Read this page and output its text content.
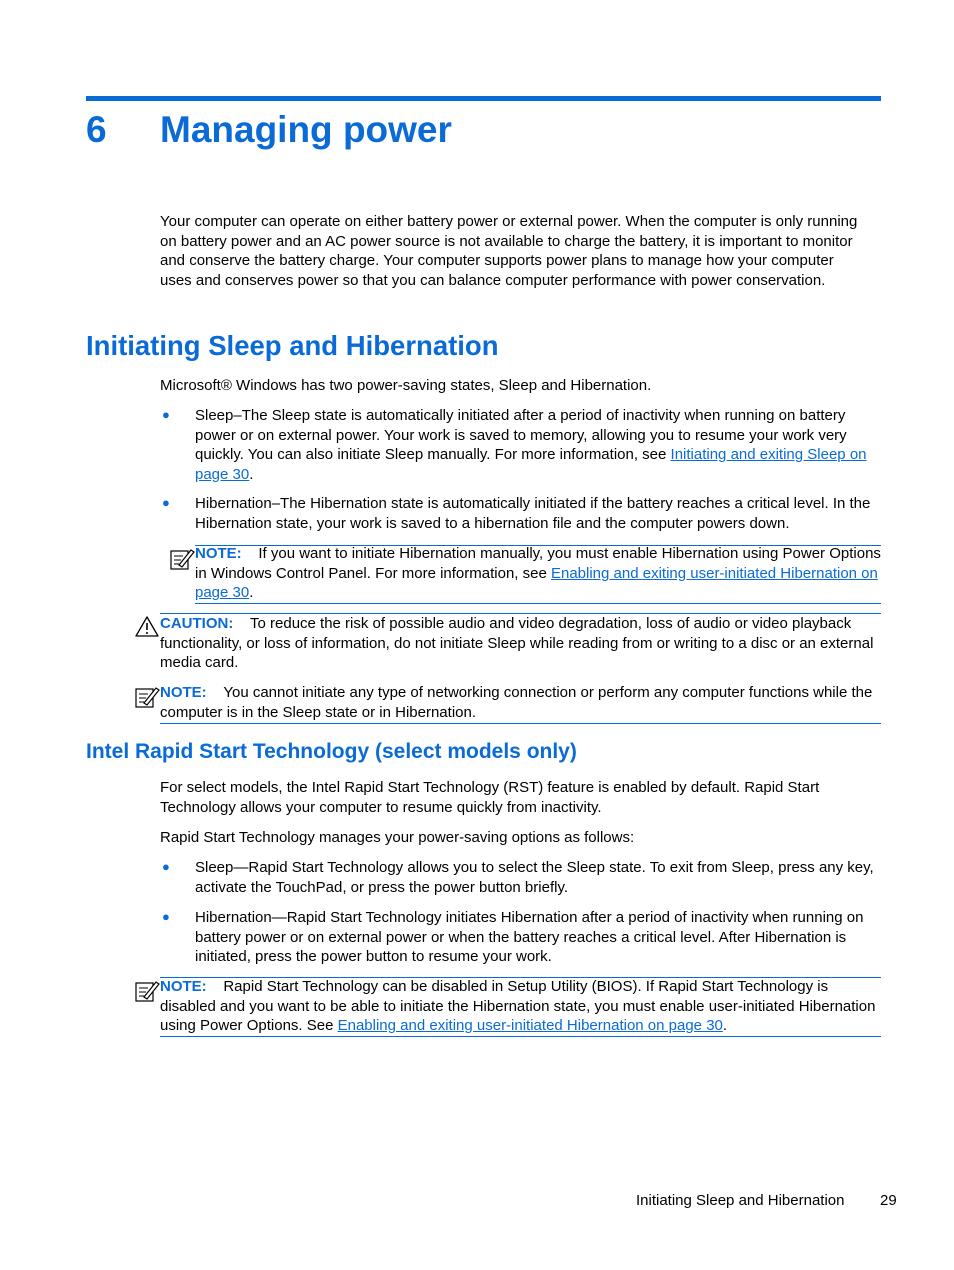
6 Managing power
Your computer can operate on either battery power or external power. When the computer is only running on battery power and an AC power source is not available to charge the battery, it is important to monitor and conserve the battery charge. Your computer supports power plans to manage how your computer uses and conserves power so that you can balance computer performance with power conservation.
Initiating Sleep and Hibernation
Microsoft® Windows has two power-saving states, Sleep and Hibernation.
● Sleep–The Sleep state is automatically initiated after a period of inactivity when running on battery power or on external power. Your work is saved to memory, allowing you to resume your work very quickly. You can also initiate Sleep manually. For more information, see Initiating and exiting Sleep on page 30.
● Hibernation–The Hibernation state is automatically initiated if the battery reaches a critical level. In the Hibernation state, your work is saved to a hibernation file and the computer powers down.
NOTE: If you want to initiate Hibernation manually, you must enable Hibernation using Power Options in Windows Control Panel. For more information, see Enabling and exiting user-initiated Hibernation on page 30.
CAUTION: To reduce the risk of possible audio and video degradation, loss of audio or video playback functionality, or loss of information, do not initiate Sleep while reading from or writing to a disc or an external media card.
NOTE: You cannot initiate any type of networking connection or perform any computer functions while the computer is in the Sleep state or in Hibernation.
Intel Rapid Start Technology (select models only)
For select models, the Intel Rapid Start Technology (RST) feature is enabled by default. Rapid Start Technology allows your computer to resume quickly from inactivity.
Rapid Start Technology manages your power-saving options as follows:
● Sleep—Rapid Start Technology allows you to select the Sleep state. To exit from Sleep, press any key, activate the TouchPad, or press the power button briefly.
● Hibernation—Rapid Start Technology initiates Hibernation after a period of inactivity when running on battery power or on external power or when the battery reaches a critical level. After Hibernation is initiated, press the power button to resume your work.
NOTE: Rapid Start Technology can be disabled in Setup Utility (BIOS). If Rapid Start Technology is disabled and you want to be able to initiate the Hibernation state, you must enable user-initiated Hibernation using Power Options. See Enabling and exiting user-initiated Hibernation on page 30.
Initiating Sleep and Hibernation 29
